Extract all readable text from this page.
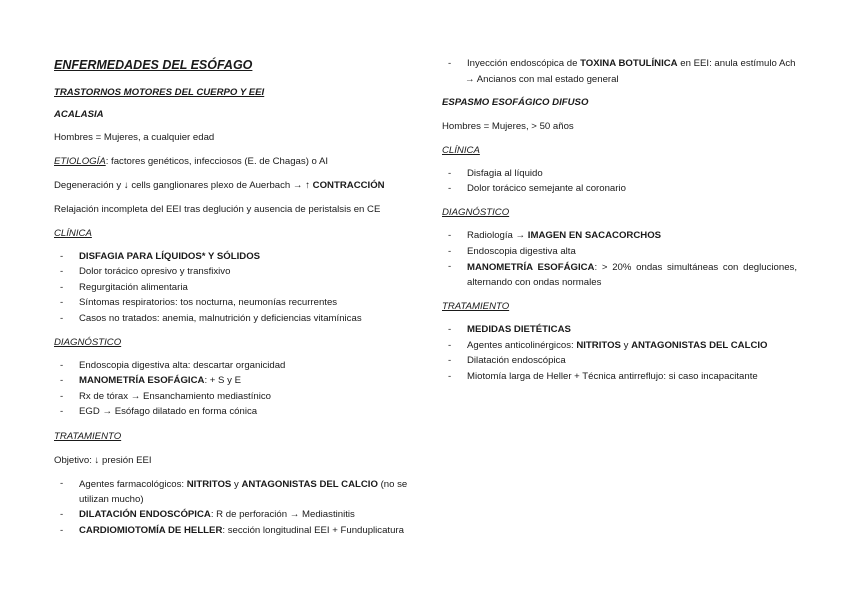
ENFERMEDADES DEL ESÓFAGO
TRASTORNOS MOTORES DEL CUERPO Y EEI
ACALASIA
Hombres = Mujeres, a cualquier edad
ETIOLOGÍA: factores genéticos, infecciosos (E. de Chagas) o AI
Degeneración y ↓ cells ganglionares plexo de Auerbach → ↑ CONTRACCIÓN
Relajación incompleta del EEI tras deglución y ausencia de peristalsis en CE
CLÍNICA
- DISFAGIA PARA LÍQUIDOS* Y SÓLIDOS
- Dolor torácico opresivo y transfixivo
- Regurgitación alimentaria
- Síntomas respiratorios: tos nocturna, neumonías recurrentes
- Casos no tratados: anemia, malnutrición y deficiencias vitamínicas
DIAGNÓSTICO
- Endoscopia digestiva alta: descartar organicidad
- MANOMETRÍA ESOFÁGICA: + S y E
- Rx de tórax → Ensanchamiento mediastínico
- EGD → Esófago dilatado en forma cónica
TRATAMIENTO
Objetivo: ↓ presión EEI
- Agentes farmacológicos: NITRITOS y ANTAGONISTAS DEL CALCIO (no se utilizan mucho)
- DILATACIÓN ENDOSCÓPICA: R de perforación → Mediastinitis
- CARDIOMIOTOMÍA DE HELLER: sección longitudinal EEI + Funduplicatura
- Inyección endoscópica de TOXINA BOTULÍNICA en EEI: anula estímulo Ach
→ Ancianos con mal estado general
ESPASMO ESOFÁGICO DIFUSO
Hombres = Mujeres, > 50 años
CLÍNICA
- Disfagia al líquido
- Dolor torácico semejante al coronario
DIAGNÓSTICO
- Radiología → IMAGEN EN SACACORCHOS
- Endoscopia digestiva alta
- MANOMETRÍA ESOFÁGICA: > 20% ondas simultáneas con degluciones, alternando con ondas normales
TRATAMIENTO
- MEDIDAS DIETÉTICAS
- Agentes anticolinérgicos: NITRITOS y ANTAGONISTAS DEL CALCIO
- Dilatación endoscópica
- Miotomía larga de Heller + Técnica antirreflujo: si caso incapacitante
